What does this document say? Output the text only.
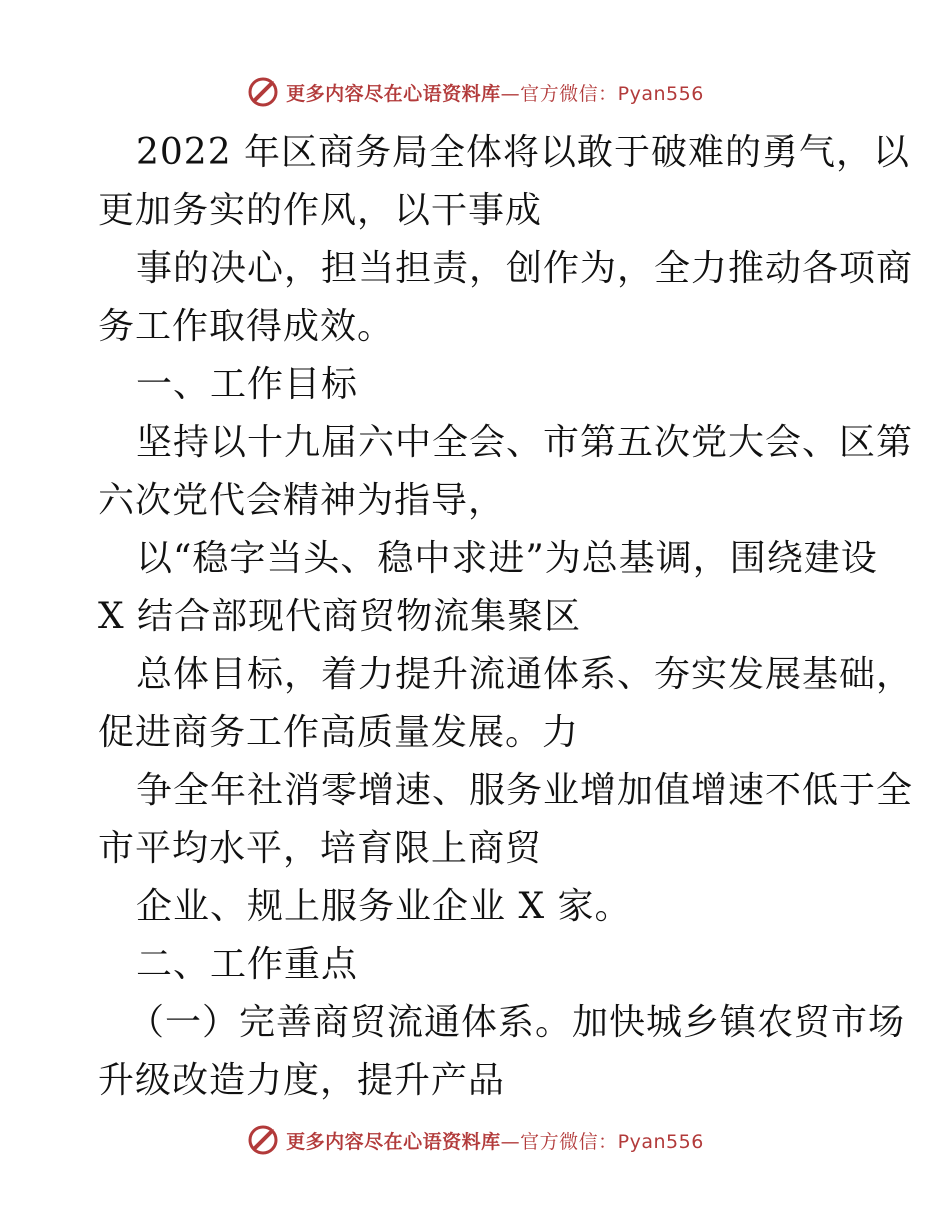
更多内容尽在心语资料库—官方微信：Pyan556
2022 年区商务局全体将以敢于破难的勇气，以
更加务实的作风，以干事成
事的决心，担当担责，创作为，全力推动各项商
务工作取得成效。
一、工作目标
坚持以十九届六中全会、市第五次党大会、区第
六次党代会精神为指导，
以“稳字当头、稳中求进”为总基调，围绕建设
X 结合部现代商贸物流集聚区
总体目标，着力提升流通体系、夯实发展基础，
促进商务工作高质量发展。力
争全年社消零增速、服务业增加值增速不低于全
市平均水平，培育限上商贸
企业、规上服务业企业 X 家。
二、工作重点
（一）完善商贸流通体系。加快城乡镇农贸市场
升级改造力度，提升产品
更多内容尽在心语资料库—官方微信：Pyan556
